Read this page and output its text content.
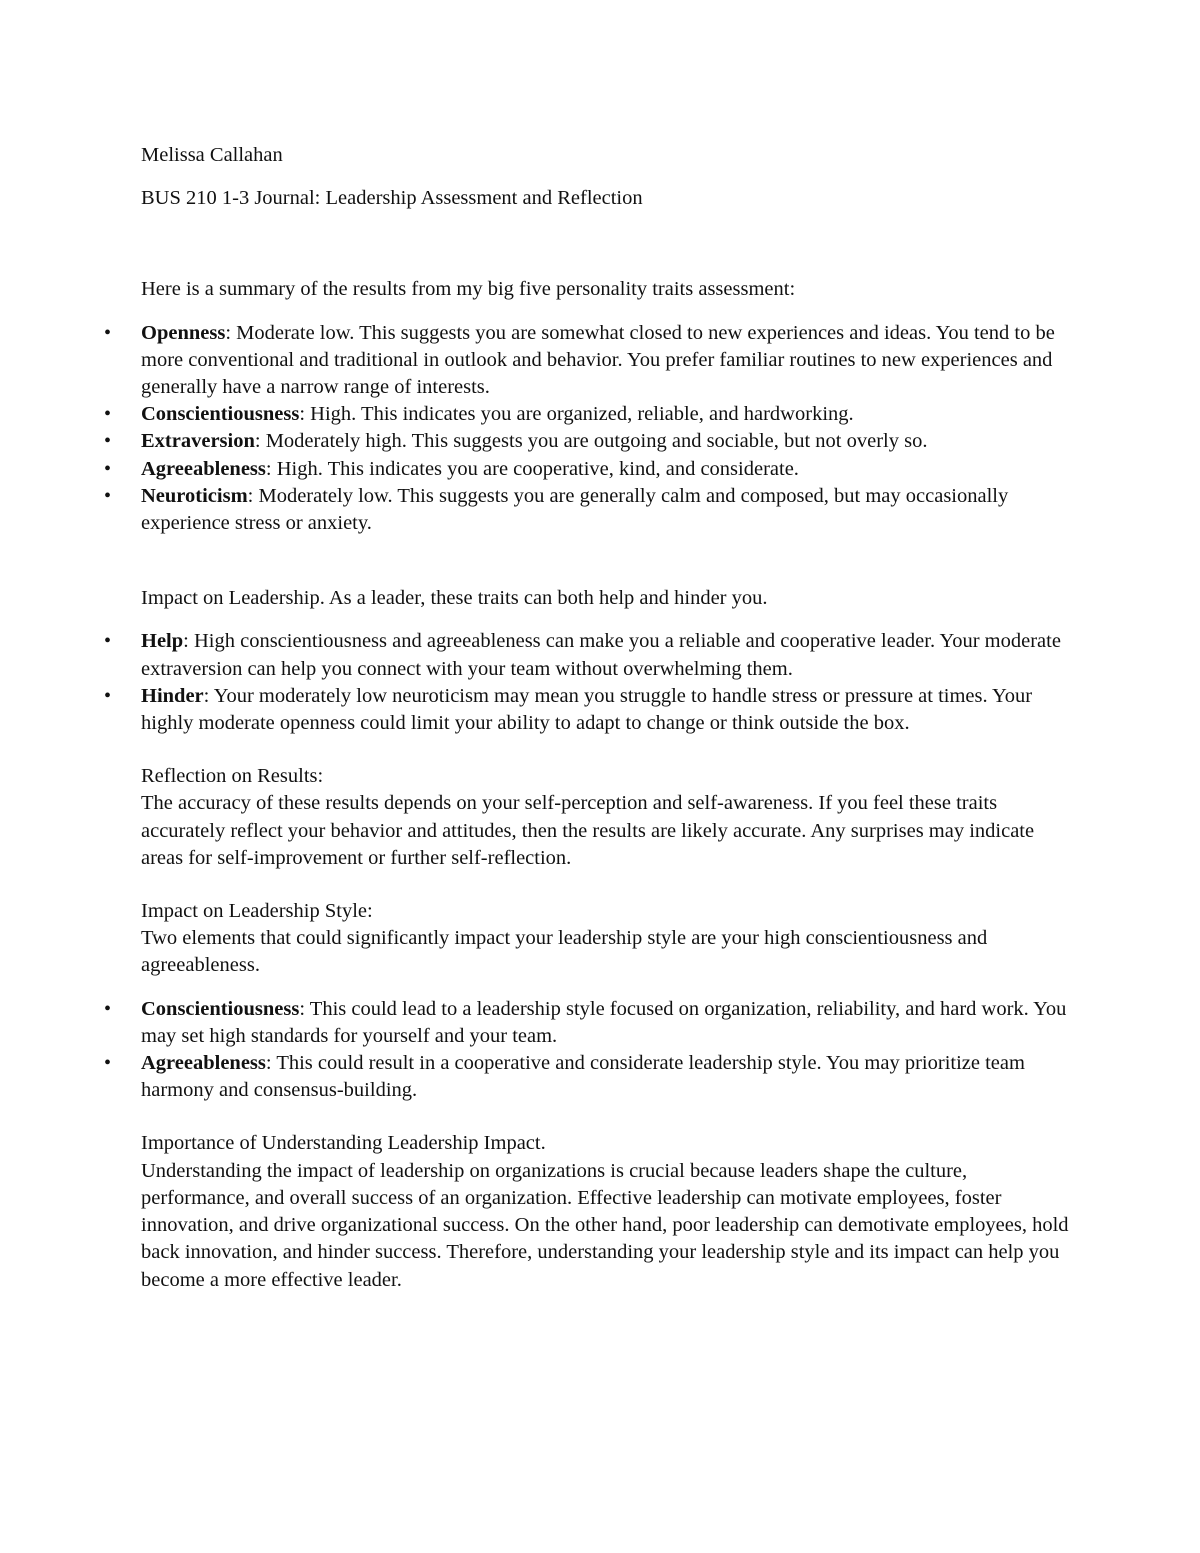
Melissa Callahan

BUS 210 1-3 Journal: Leadership Assessment and Reflection

Here is a summary of the results from my big five personality traits assessment:

• Openness: Moderate low. This suggests you are somewhat closed to new experiences and ideas. You tend to be more conventional and traditional in outlook and behavior. You prefer familiar routines to new experiences and generally have a narrow range of interests.
• Conscientiousness: High. This indicates you are organized, reliable, and hardworking.
• Extraversion: Moderately high. This suggests you are outgoing and sociable, but not overly so.
• Agreeableness: High. This indicates you are cooperative, kind, and considerate.
• Neuroticism: Moderately low. This suggests you are generally calm and composed, but may occasionally experience stress or anxiety.

Impact on Leadership. As a leader, these traits can both help and hinder you.

• Help: High conscientiousness and agreeableness can make you a reliable and cooperative leader. Your moderate extraversion can help you connect with your team without overwhelming them.
• Hinder: Your moderately low neuroticism may mean you struggle to handle stress or pressure at times. Your highly moderate openness could limit your ability to adapt to change or think outside the box.

Reflection on Results:

The accuracy of these results depends on your self-perception and self-awareness. If you feel these traits accurately reflect your behavior and attitudes, then the results are likely accurate. Any surprises may indicate areas for self-improvement or further self-reflection.

Impact on Leadership Style:

Two elements that could significantly impact your leadership style are your high conscientiousness and agreeableness.

• Conscientiousness: This could lead to a leadership style focused on organization, reliability, and hard work. You may set high standards for yourself and your team.
• Agreeableness: This could result in a cooperative and considerate leadership style. You may prioritize team harmony and consensus-building.

Importance of Understanding Leadership Impact.

Understanding the impact of leadership on organizations is crucial because leaders shape the culture, performance, and overall success of an organization. Effective leadership can motivate employees, foster innovation, and drive organizational success. On the other hand, poor leadership can demotivate employees, hold back innovation, and hinder success. Therefore, understanding your leadership style and its impact can help you become a more effective leader.
